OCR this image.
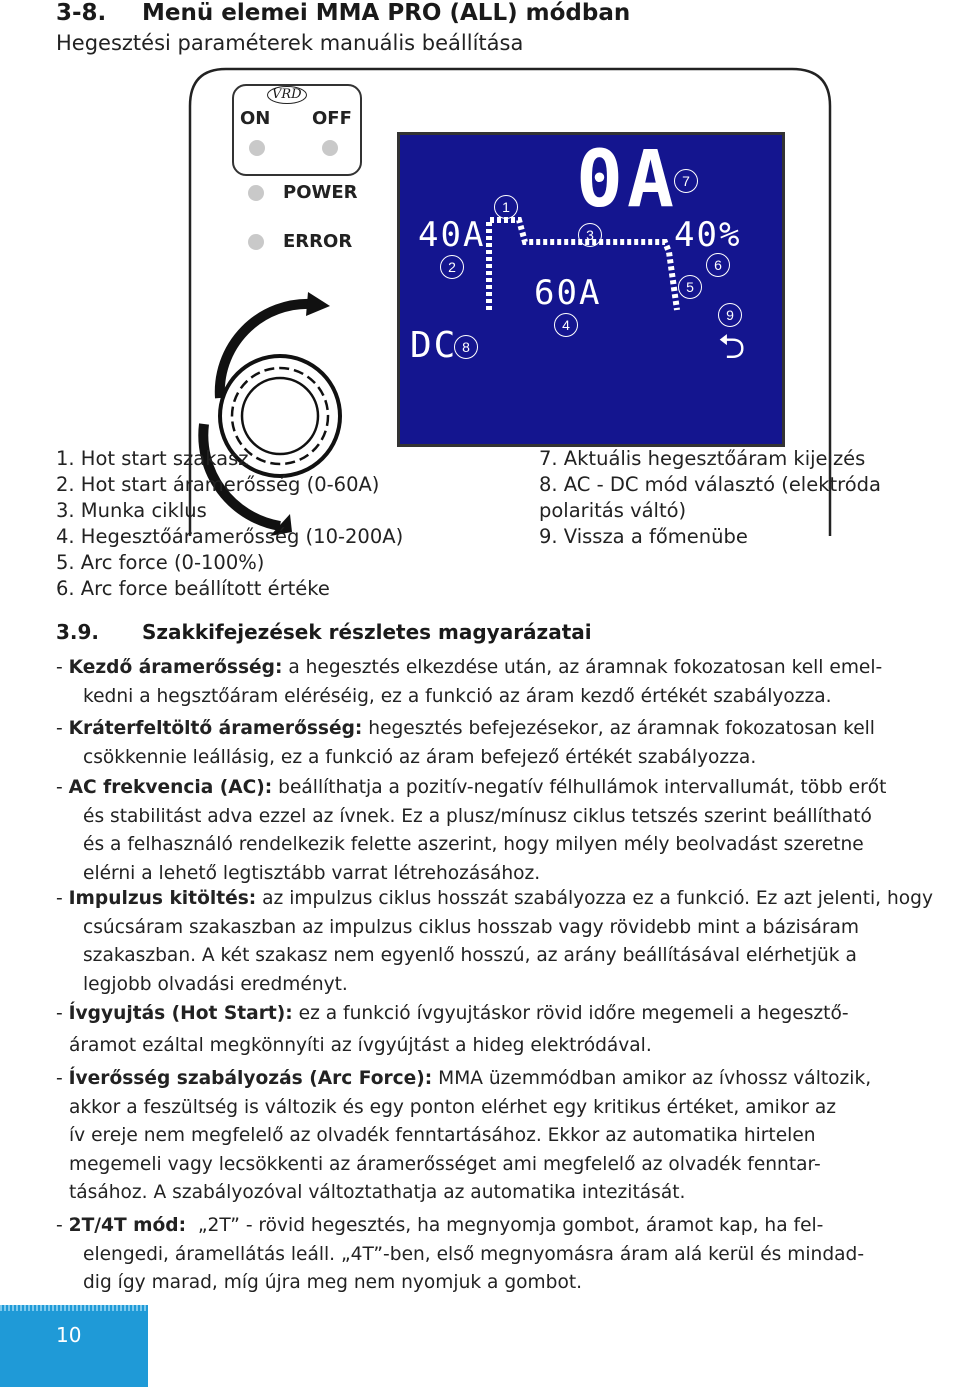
3-8. Menü elemei MMA PRO (ALL) módban
Hegesztési paraméterek manuális beállítása
ON OFF
VRD
POWER
ERROR
0A
40A	40%
60A
DC	⮌
1
2
3
4
5
6
7
8
9
1. Hot start szakasz
2. Hot start áramerősség (0-60A)
3. Munka ciklus
4. Hegesztőáramerősség (10-200A)
5. Arc force (0-100%)
6. Arc force beállított értéke
7. Aktuális hegesztőáram kijelzés
8. AC - DC mód választó (elektróda
polaritás váltó)
9. Vissza a főmenübe
3.9. Szakkifejezések részletes magyarázatai
- Kezdő áramerősség: a hegesztés elkezdése után, az áramnak fokozatosan kell emel-
kedni a hegsztőáram eléréséig, ez a funkció az áram kezdő értékét szabályozza.
- Kráterfeltöltő áramerősség: hegesztés befejezésekor, az áramnak fokozatosan kell
csökkennie leállásig, ez a funkció az áram befejező értékét szabályozza.
- AC frekvencia (AC): beállíthatja a pozitív-negatív félhullámok intervallumát, több erőt
és stabilitást adva ezzel az ívnek. Ez a plusz/mínusz ciklus tetszés szerint beállítható
és a felhasználó rendelkezik felette aszerint, hogy milyen mély beolvadást szeretne
elérni a lehető legtisztább varrat létrehozásához.
- Impulzus kitöltés: az impulzus ciklus hosszát szabályozza ez a funkció. Ez azt jelenti, hogy
csúcsáram szakaszban az impulzus ciklus hosszab vagy rövidebb mint a bázisáram
szakaszban. A két szakasz nem egyenlő hosszú, az arány beállításával elérhetjük a
legjobb olvadási eredményt.
- Ívgyujtás (Hot Start): ez a funkció ívgyujtáskor rövid időre megemeli a hegesztő-
áramot ezáltal megkönnyíti az ívgyújtást a hideg elektródával.
- Íverősség szabályozás (Arc Force): MMA üzemmódban amikor az ívhossz változik,
akkor a feszültség is változik és egy ponton elérhet egy kritikus értéket, amikor az
ív ereje nem megfelelő az olvadék fenntartásához. Ekkor az automatika hirtelen
megemeli vagy lecsökkenti az áramerősséget ami megfelelő az olvadék fenntar-
tásához. A szabályozóval változtathatja az automatika intezitását.
- 2T/4T mód: „2T” - rövid hegesztés, ha megnyomja gombot, áramot kap, ha fel-
elengedi, áramellátás leáll. „4T”-ben, első megnyomásra áram alá kerül és mindad-
dig így marad, míg újra meg nem nyomjuk a gombot.
10
